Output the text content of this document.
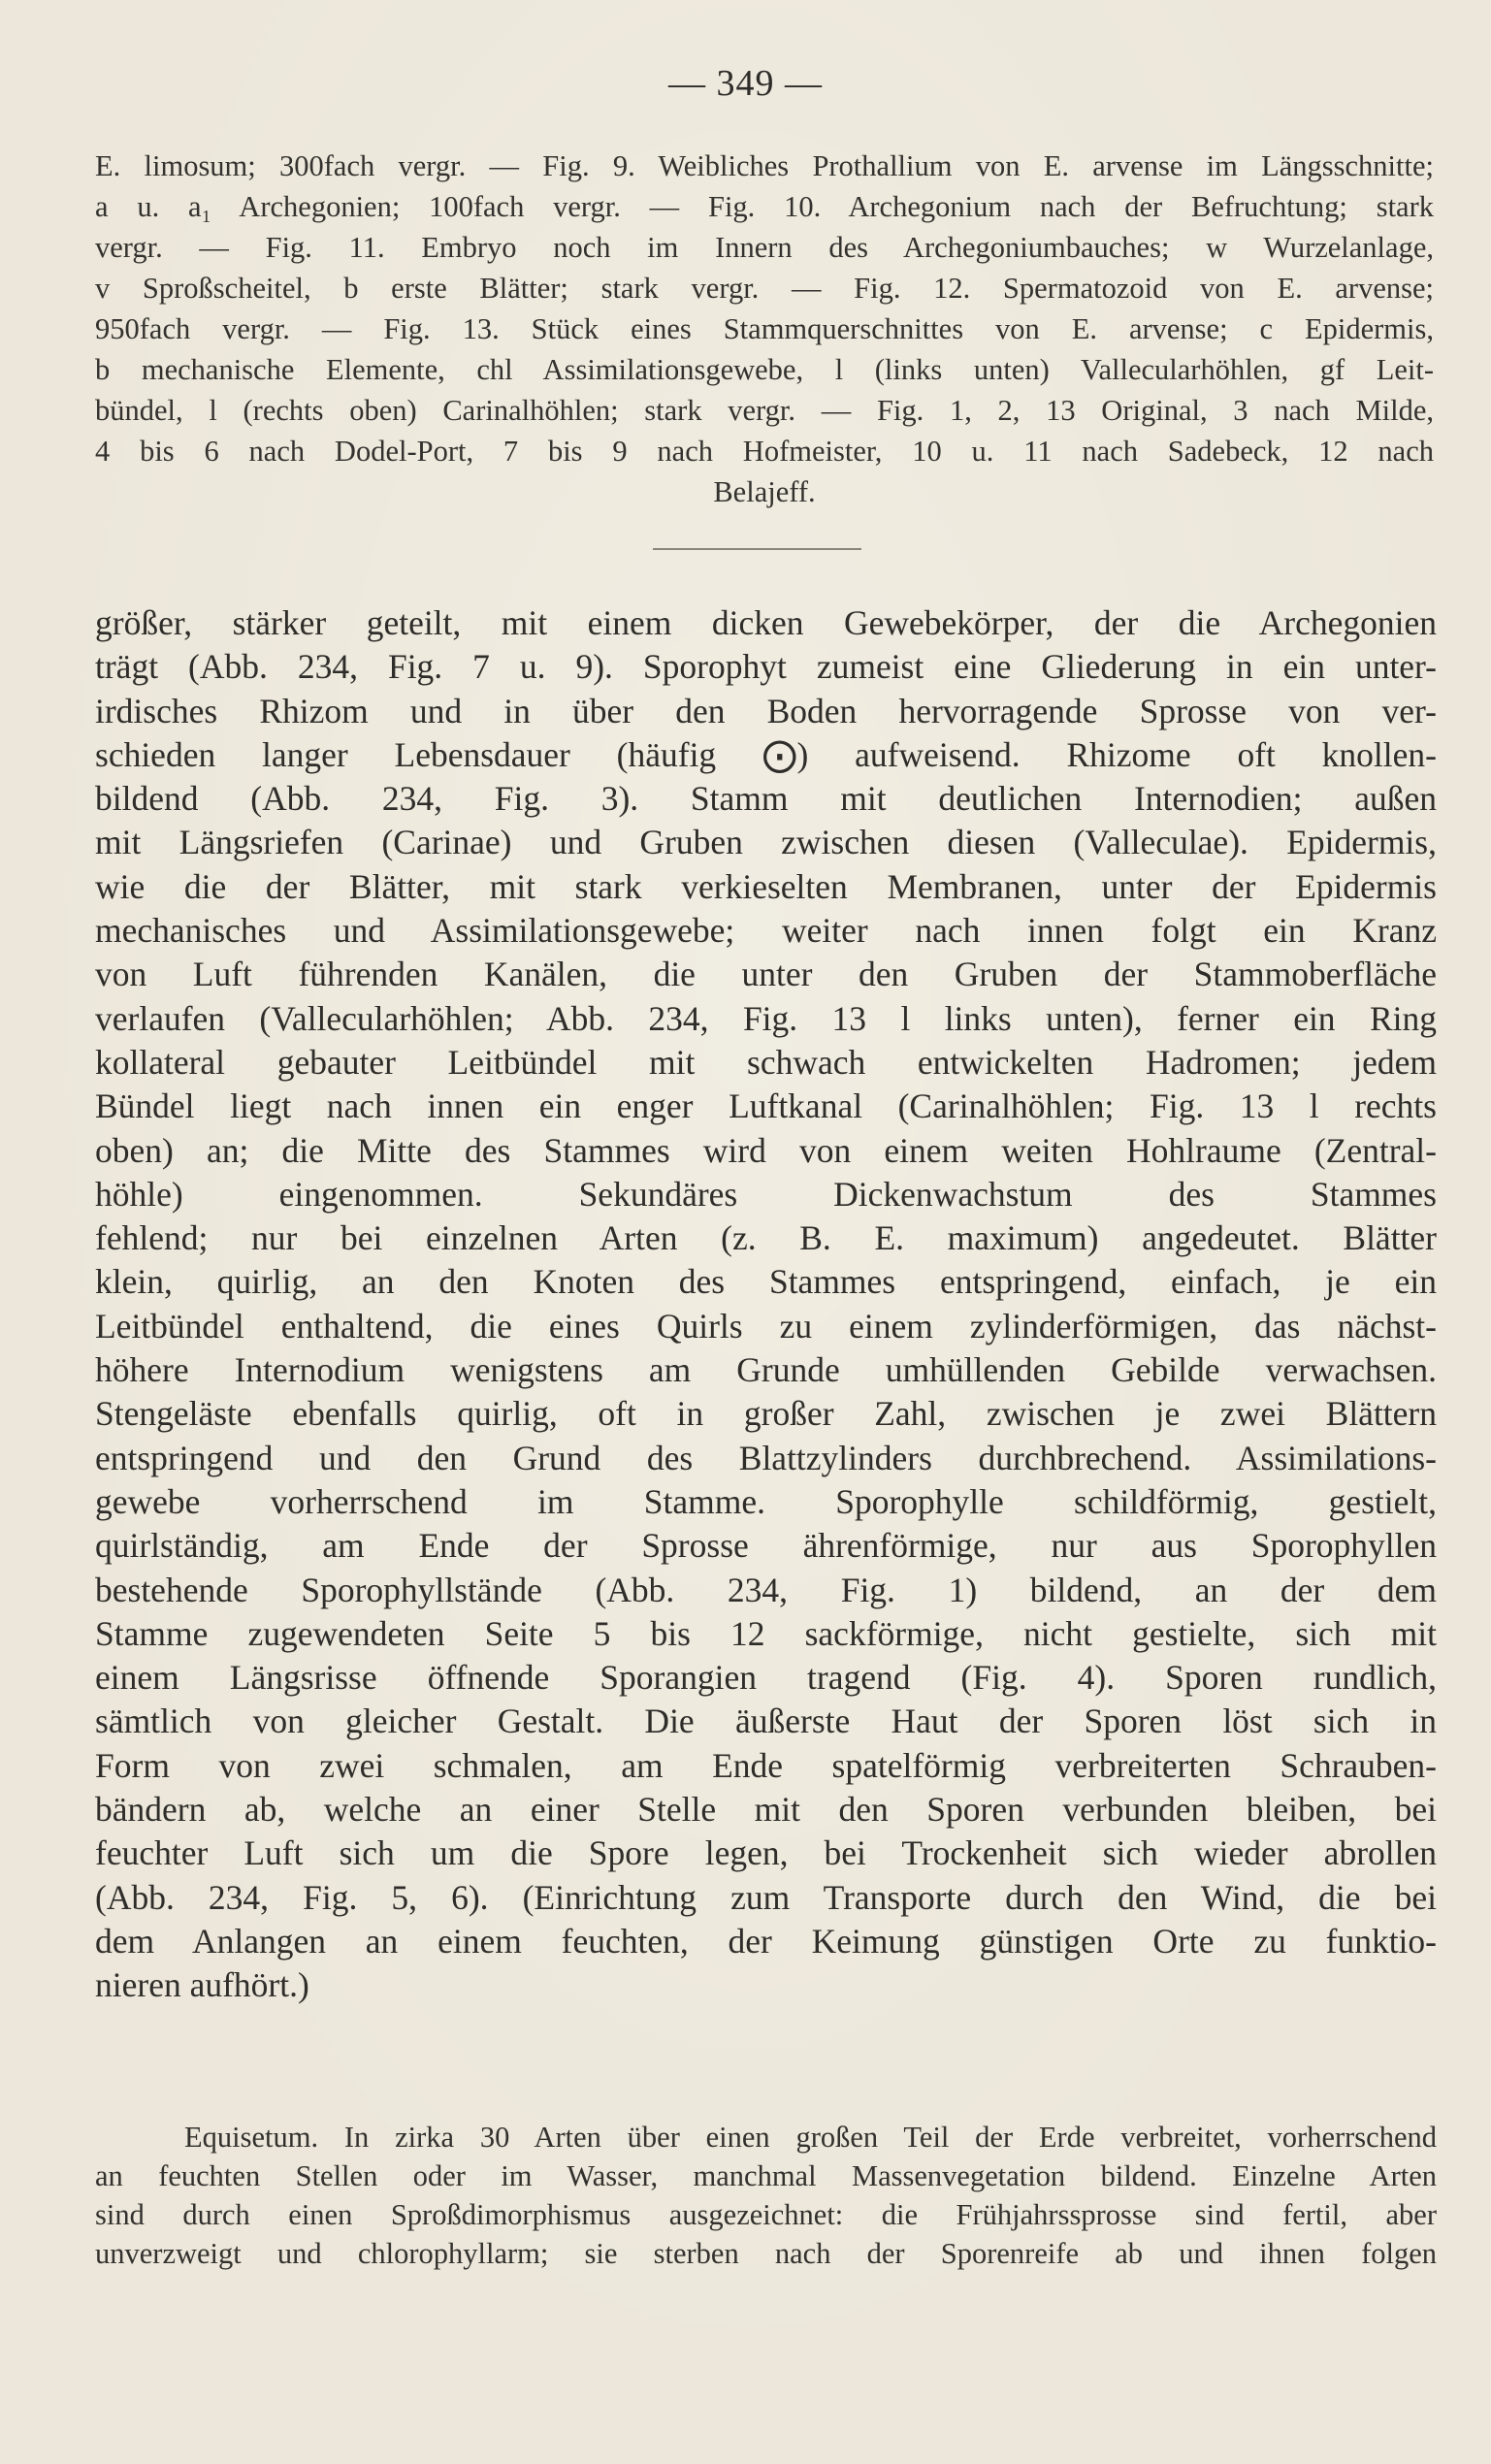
— 349 —
E. limosum; 300fach vergr. — Fig. 9. Weibliches Prothallium von E. arvense im Längsschnitte;
a u. a₁ Archegonien; 100fach vergr. — Fig. 10. Archegonium nach der Befruchtung; stark
vergr. — Fig. 11. Embryo noch im Innern des Archegoniumbauches; w Wurzelanlage,
v Sproßscheitel, b erste Blätter; stark vergr. — Fig. 12. Spermatozoid von E. arvense;
950fach vergr. — Fig. 13. Stück eines Stammquerschnittes von E. arvense; c Epidermis,
b mechanische Elemente, chl Assimilationsgewebe, l (links unten) Vallecularhöhlen, gf Leit-
bündel, l (rechts oben) Carinalhöhlen; stark vergr. — Fig. 1, 2, 13 Original, 3 nach Milde,
4 bis 6 nach Dodel-Port, 7 bis 9 nach Hofmeister, 10 u. 11 nach Sadebeck, 12 nach
Belajeff.
größer, stärker geteilt, mit einem dicken Gewebekörper, der die Archegonien
trägt (Abb. 234, Fig. 7 u. 9). Sporophyt zumeist eine Gliederung in ein unter-
irdisches Rhizom und in über den Boden hervorragende Sprosse von ver-
schieden langer Lebensdauer (häufig ⨀) aufweisend. Rhizome oft knollen-
bildend (Abb. 234, Fig. 3). Stamm mit deutlichen Internodien; außen
mit Längsriefen (Carinae) und Gruben zwischen diesen (Valleculae). Epidermis,
wie die der Blätter, mit stark verkieselten Membranen, unter der Epidermis
mechanisches und Assimilationsgewebe; weiter nach innen folgt ein Kranz
von Luft führenden Kanälen, die unter den Gruben der Stammoberfläche
verlaufen (Vallecularhöhlen; Abb. 234, Fig. 13 l links unten), ferner ein Ring
kollateral gebauter Leitbündel mit schwach entwickelten Hadromen; jedem
Bündel liegt nach innen ein enger Luftkanal (Carinalhöhlen; Fig. 13 l rechts
oben) an; die Mitte des Stammes wird von einem weiten Hohlraume (Zentral-
höhle) eingenommen. Sekundäres Dickenwachstum des Stammes
fehlend; nur bei einzelnen Arten (z. B. E. maximum) angedeutet. Blätter
klein, quirlig, an den Knoten des Stammes entspringend, einfach, je ein
Leitbündel enthaltend, die eines Quirls zu einem zylinderförmigen, das nächst-
höhere Internodium wenigstens am Grunde umhüllenden Gebilde verwachsen.
Stengeläste ebenfalls quirlig, oft in großer Zahl, zwischen je zwei Blättern
entspringend und den Grund des Blattzylinders durchbrechend. Assimilations-
gewebe vorherrschend im Stamme. Sporophylle schildförmig, gestielt,
quirlständig, am Ende der Sprosse ährenförmige, nur aus Sporophyllen
bestehende Sporophyllstände (Abb. 234, Fig. 1) bildend, an der dem
Stamme zugewendeten Seite 5 bis 12 sackförmige, nicht gestielte, sich mit
einem Längsrisse öffnende Sporangien tragend (Fig. 4). Sporen rundlich,
sämtlich von gleicher Gestalt. Die äußerste Haut der Sporen löst sich in
Form von zwei schmalen, am Ende spatelförmig verbreiterten Schrauben-
bändern ab, welche an einer Stelle mit den Sporen verbunden bleiben, bei
feuchter Luft sich um die Spore legen, bei Trockenheit sich wieder abrollen
(Abb. 234, Fig. 5, 6). (Einrichtung zum Transporte durch den Wind, die bei
dem Anlangen an einem feuchten, der Keimung günstigen Orte zu funktio-
nieren aufhört.)
Equisetum. In zirka 30 Arten über einen großen Teil der Erde verbreitet, vorherrschend
an feuchten Stellen oder im Wasser, manchmal Massenvegetation bildend. Einzelne Arten
sind durch einen Sproßdimorphismus ausgezeichnet: die Frühjahrssprosse sind fertil, aber
unverzweigt und chlorophyllarm; sie sterben nach der Sporenreife ab und ihnen folgen
